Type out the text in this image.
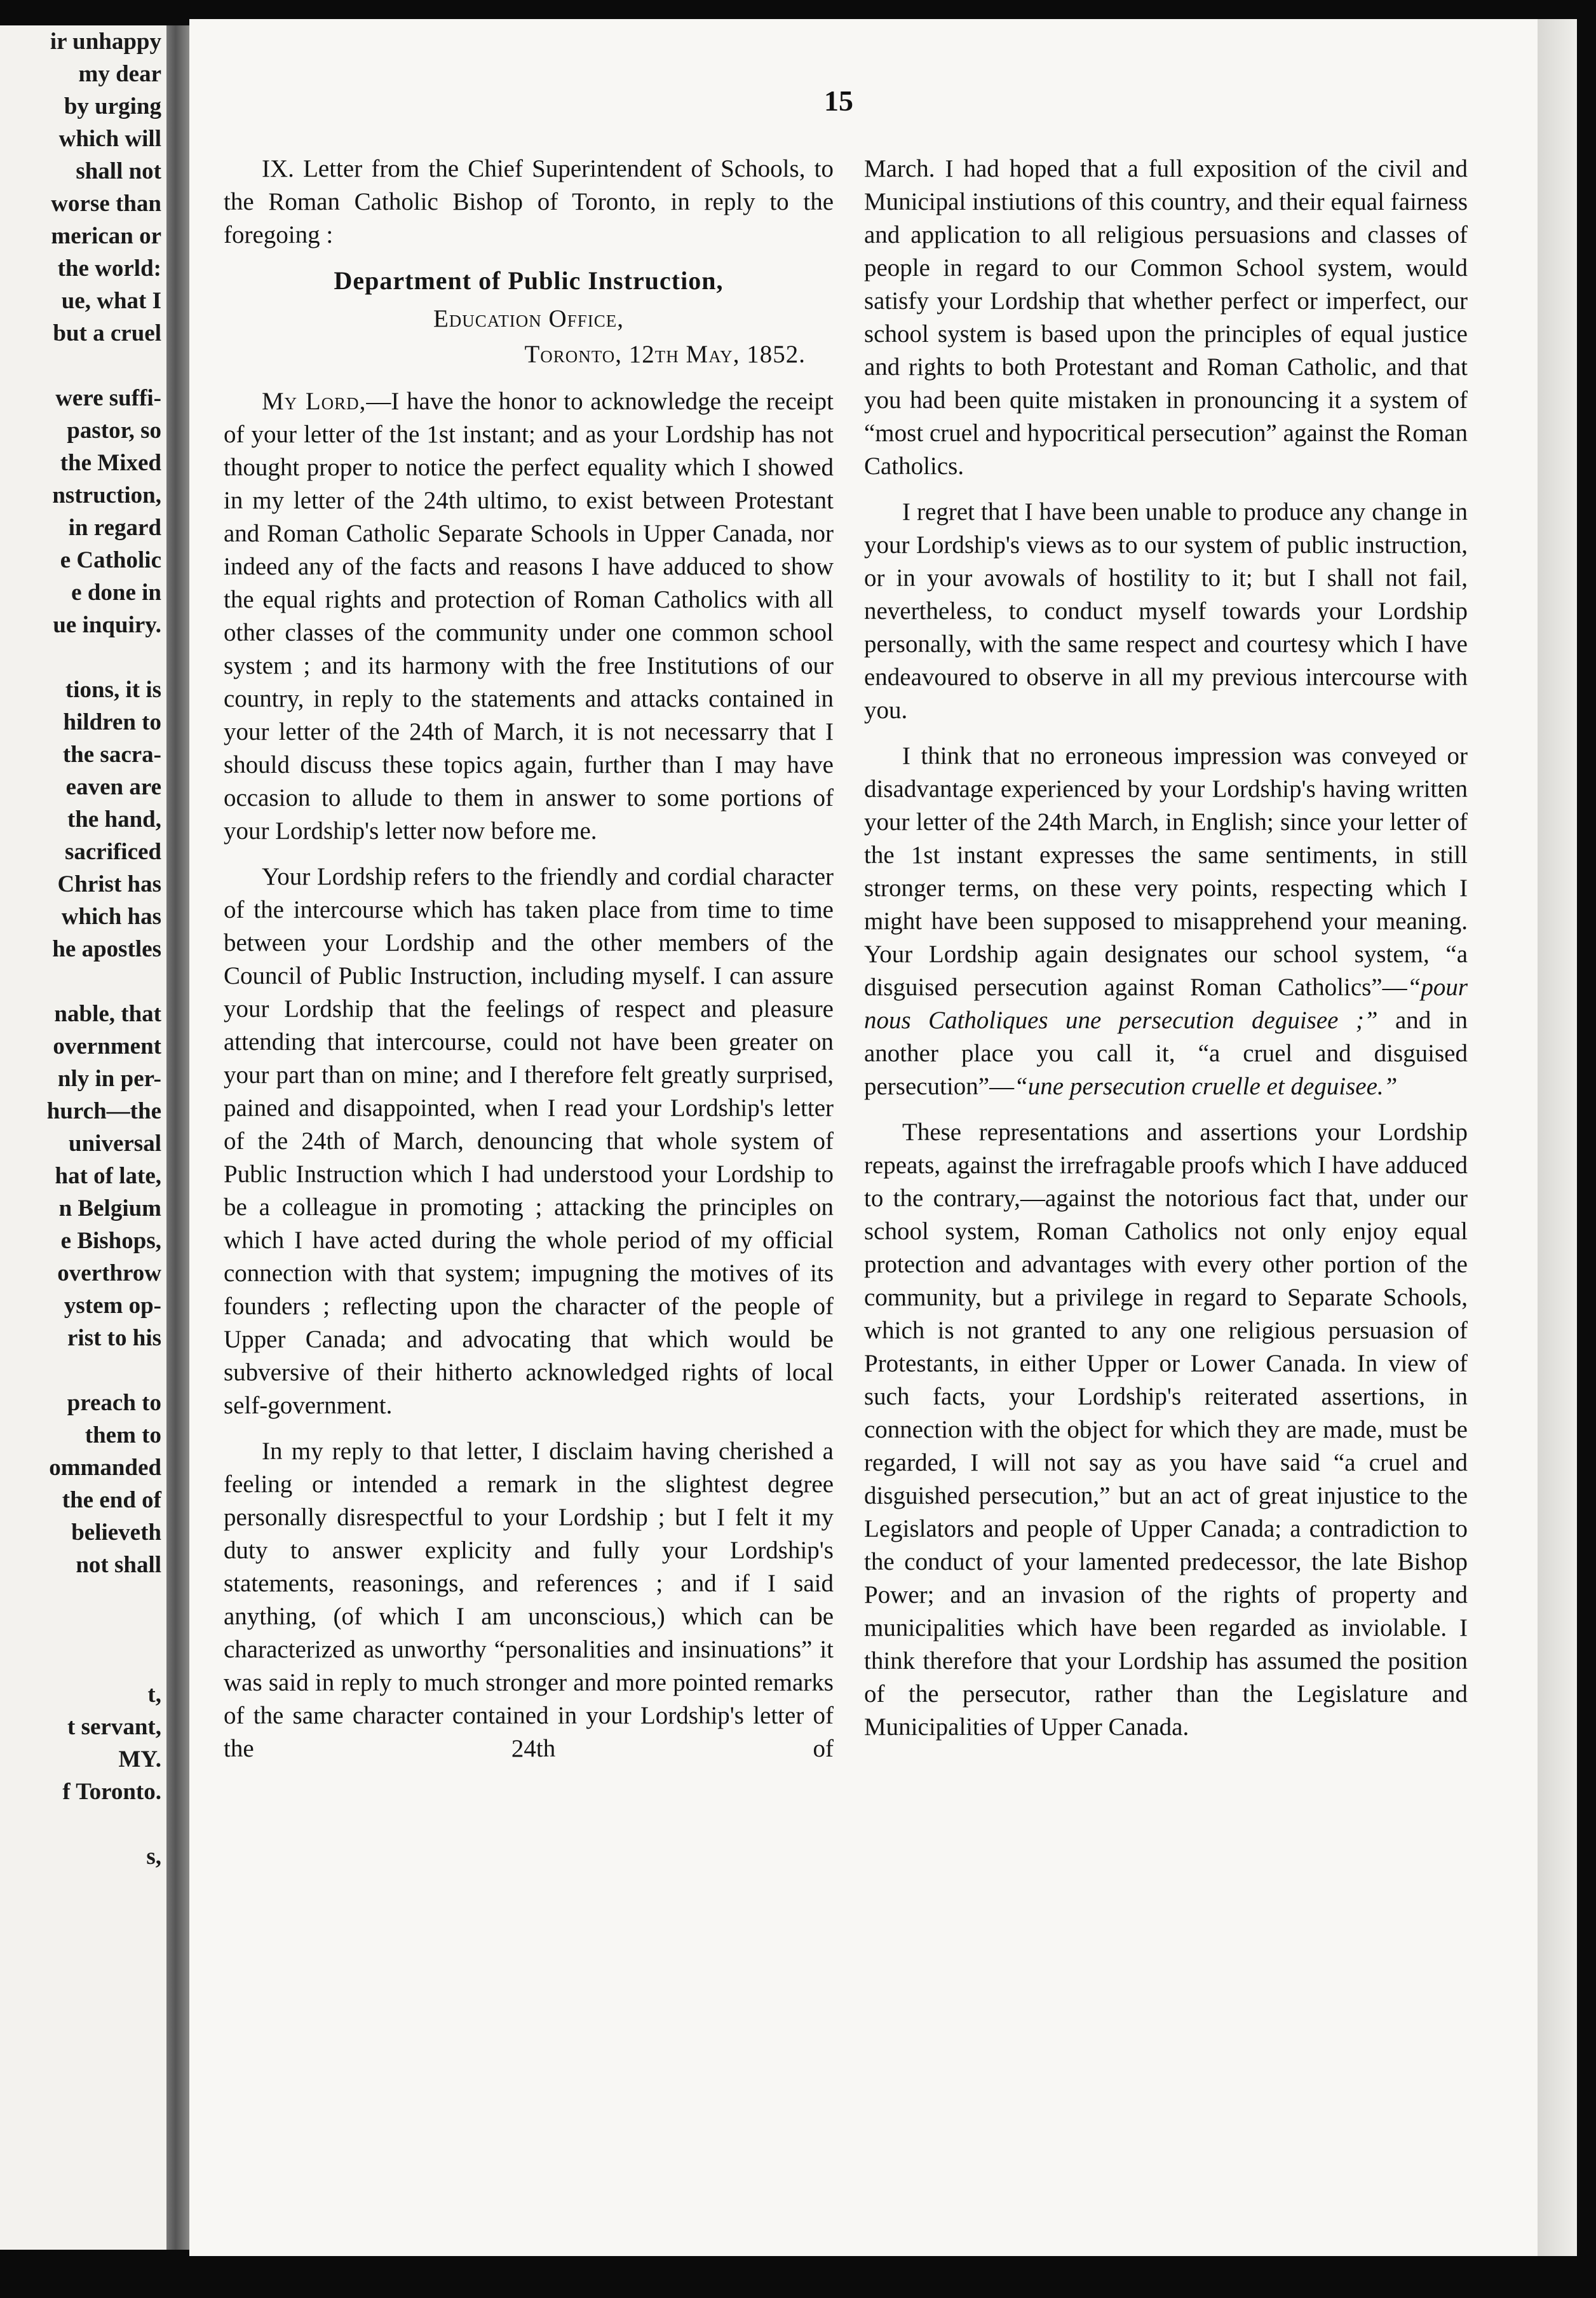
ir unhappy
my dear
by urging
which will
shall not
worse than
merican or
the world:
ue, what I
but a cruel
were suffi-
pastor, so
the Mixed
nstruction,
in regard
e Catholic
e done in
ue inquiry.
tions, it is
hildren to
the sacra-
eaven are
the hand,
sacrificed
Christ has
which has
he apostles
nable, that
overnment
nly in per-
hurch—the
universal
hat of late,
n Belgium
e Bishops,
overthrow
ystem op-
rist to his
preach to
them to
ommanded
the end of
believeth
not shall
t,
t servant,
MY.
f Toronto.
s,
15

IX. Letter from the Chief Superintendent of Schools, to the Roman Catholic Bishop of Toronto, in reply to the foregoing :

Department of Public Instruction,
Education Office,
Toronto, 12th May, 1852.

My Lord,—I have the honor to acknowledge the receipt of your letter of the 1st instant; and as your Lordship has not thought proper to notice the perfect equality which I showed in my letter of the 24th ultimo, to exist between Protestant and Roman Catholic Separate Schools in Upper Canada, nor indeed any of the facts and reasons I have adduced to show the equal rights and protection of Roman Catholics with all other classes of the community under one common school system ; and its harmony with the free Institutions of our country, in reply to the statements and attacks contained in your letter of the 24th of March, it is not necessarry that I should discuss these topics again, further than I may have occasion to allude to them in answer to some portions of your Lordship's letter now before me.

Your Lordship refers to the friendly and cordial character of the intercourse which has taken place from time to time between your Lordship and the other members of the Council of Public Instruction, including myself. I can assure your Lordship that the feelings of respect and pleasure attending that intercourse, could not have been greater on your part than on mine; and I therefore felt greatly surprised, pained and disappointed, when I read your Lordship's letter of the 24th of March, denouncing that whole system of Public Instruction which I had understood your Lordship to be a colleague in promoting ; attacking the principles on which I have acted during the whole period of my official connection with that system; impugning the motives of its founders ; reflecting upon the character of the people of Upper Canada; and advocating that which would be subversive of their hitherto acknowledged rights of local self-government.

In my reply to that letter, I disclaim having cherished a feeling or intended a remark in the slightest degree personally disrespectful to your Lordship ; but I felt it my duty to answer explicity and fully your Lordship's statements, reasonings, and references ; and if I said anything, (of which I am unconscious,) which can be characterized as unworthy “personalities and insinuations” it was said in reply to much stronger and more pointed remarks of the same character contained in your Lordship's letter of the 24th of

March. I had hoped that a full exposition of the civil and Municipal instiutions of this country, and their equal fairness and application to all religious persuasions and classes of people in regard to our Common School system, would satisfy your Lordship that whether perfect or imperfect, our school system is based upon the principles of equal justice and rights to both Protestant and Roman Catholic, and that you had been quite mistaken in pronouncing it a system of “most cruel and hypocritical persecution” against the Roman Catholics.

I regret that I have been unable to produce any change in your Lordship's views as to our system of public instruction, or in your avowals of hostility to it; but I shall not fail, nevertheless, to conduct myself towards your Lordship personally, with the same respect and courtesy which I have endeavoured to observe in all my previous intercourse with you.

I think that no erroneous impression was conveyed or disadvantage experienced by your Lordship's having written your letter of the 24th March, in English; since your letter of the 1st instant expresses the same sentiments, in still stronger terms, on these very points, respecting which I might have been supposed to misapprehend your meaning. Your Lordship again designates our school system, “a disguised persecution against Roman Catholics”—“pour nous Catholiques une persecution deguisee ;” and in another place you call it, “a cruel and disguised persecution”—“une persecution cruelle et deguisee.”

These representations and assertions your Lordship repeats, against the irrefragable proofs which I have adduced to the contrary,—against the notorious fact that, under our school system, Roman Catholics not only enjoy equal protection and advantages with every other portion of the community, but a privilege in regard to Separate Schools, which is not granted to any one religious persuasion of Protestants, in either Upper or Lower Canada. In view of such facts, your Lordship's reiterated assertions, in connection with the object for which they are made, must be regarded, I will not say as you have said “a cruel and disguished persecution,” but an act of great injustice to the Legislators and people of Upper Canada; a contradiction to the conduct of your lamented predecessor, the late Bishop Power; and an invasion of the rights of property and municipalities which have been regarded as inviolable. I think therefore that your Lordship has assumed the position of the persecutor, rather than the Legislature and Municipalities of Upper Canada.
